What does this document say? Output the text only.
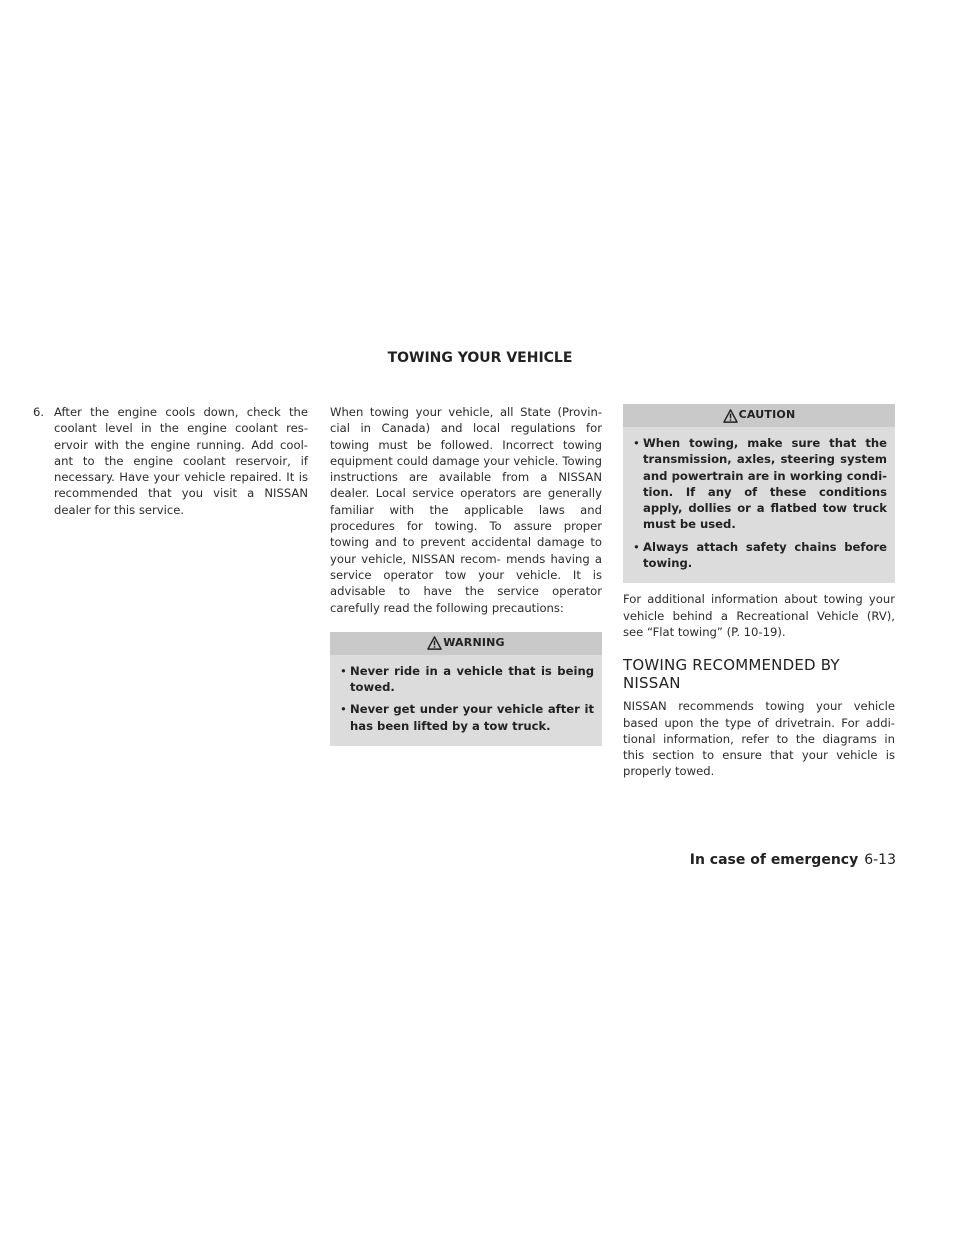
TOWING YOUR VEHICLE
6. After the engine cools down, check the coolant level in the engine coolant res- ervoir with the engine running. Add cool- ant to the engine coolant reservoir, if necessary. Have your vehicle repaired. It is recommended that you visit a NISSAN dealer for this service.

When towing your vehicle, all State (Provin- cial in Canada) and local regulations for towing must be followed. Incorrect towing equipment could damage your vehicle. Towing instructions are available from a NISSAN dealer. Local service operators are generally familiar with the applicable laws and procedures for towing. To assure proper towing and to prevent accidental damage to your vehicle, NISSAN recom- mends having a service operator tow your vehicle. It is advisable to have the service operator carefully read the following precautions:

WARNING
• Never ride in a vehicle that is being towed.
• Never get under your vehicle after it has been lifted by a tow truck.
CAUTION
• When towing, make sure that the transmission, axles, steering system and powertrain are in working condi- tion. If any of these conditions apply, dollies or a flatbed tow truck must be used.
• Always attach safety chains before towing.

For additional information about towing your vehicle behind a Recreational Vehicle (RV), see “Flat towing” (P. 10-19).

TOWING RECOMMENDED BY NISSAN

NISSAN recommends towing your vehicle based upon the type of drivetrain. For addi- tional information, refer to the diagrams in this section to ensure that your vehicle is properly towed.

In case of emergency 6-13
